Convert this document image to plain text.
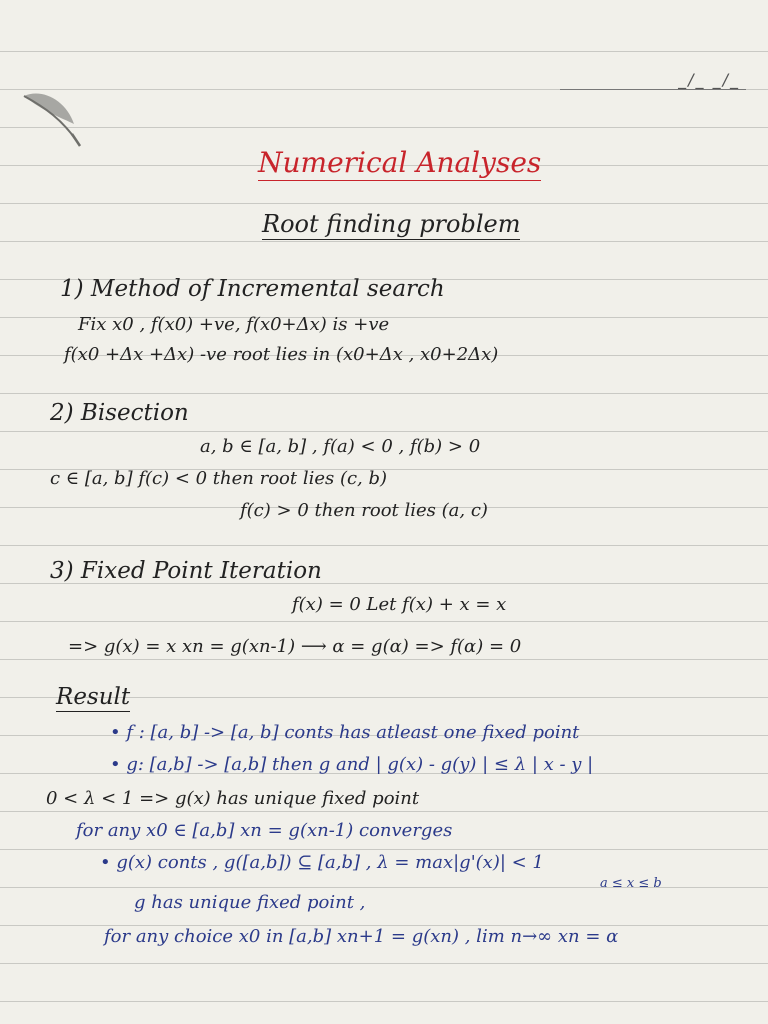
_/_ _/_
Numerical Analyses
Root finding problem
1) Method of Incremental search
Fix x0 , f(x0) +ve, f(x0+Δx) is +ve
f(x0 +Δx +Δx) -ve root lies in (x0+Δx , x0+2Δx)
2) Bisection
a, b ∈ [a, b] , f(a) < 0 , f(b) > 0
c ∈ [a, b] f(c) < 0 then root lies (c, b)
f(c) > 0 then root lies (a, c)
3) Fixed Point Iteration
f(x) = 0 Let f(x) + x = x
=> g(x) = x xn = g(xn-1) ⟶ α = g(α) => f(α) = 0
Result
• f : [a, b] -> [a, b] conts has atleast one fixed point
• g: [a,b] -> [a,b] then g and | g(x) - g(y) | ≤ λ | x - y |
0 < λ < 1 => g(x) has unique fixed point
for any x0 ∈ [a,b] xn = g(xn-1) converges
• g(x) conts , g([a,b]) ⊆ [a,b] , λ = max|g'(x)| < 1
a ≤ x ≤ b
g has unique fixed point ,
for any choice x0 in [a,b] xn+1 = g(xn) , lim n→∞ xn = α
